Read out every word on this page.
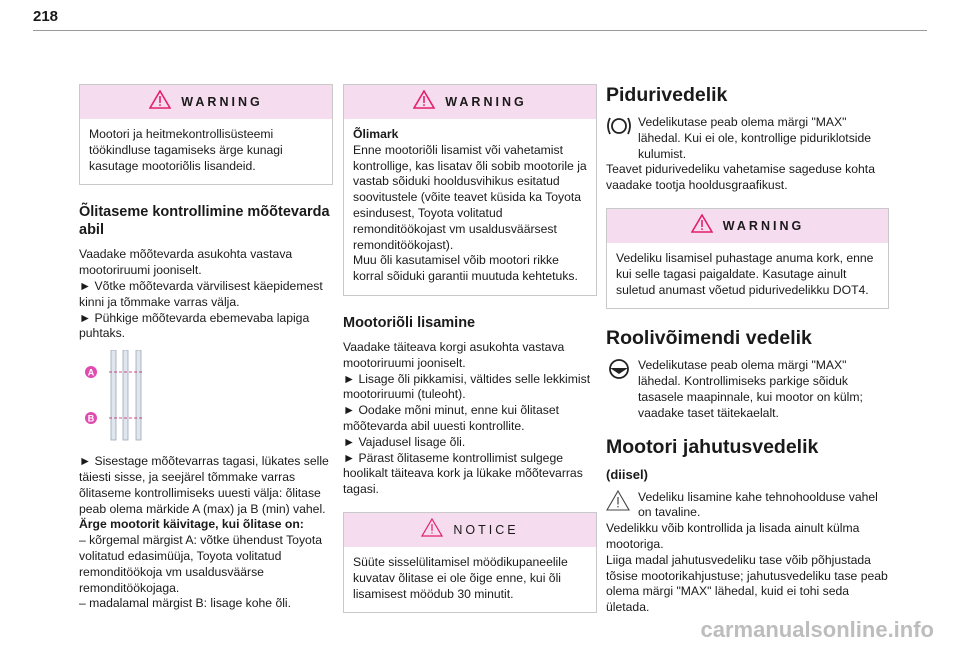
218
WARNING

Mootori ja heitmekontrollisüsteemi töökindluse tagamiseks ärge kunagi kasutage mootoriõlis lisandeid.

Õlitaseme kontrollimine mõõtevarda abil

Vaadake mõõtevarda asukohta vastava mootoriruumi jooniselt.

► Võtke mõõtevarda värvilisest käepidemest kinni ja tõmmake varras välja.

► Pühkige mõõtevarda ebemevaba lapiga puhtaks.

A
B

► Sisestage mõõtevarras tagasi, lükates selle täiesti sisse, ja seejärel tõmmake varras õlitaseme kontrollimiseks uuesti välja: õlitase peab olema märkide A (max) ja B (min) vahel.

Ärge mootorit käivitage, kui õlitase on:

– kõrgemal märgist A: võtke ühendust Toyota volitatud edasimüüja, Toyota volitatud remonditöökoja vm usaldusväärse remonditöökojaga.

– madalamal märgist B: lisage kohe õli.

WARNING

Õlimark

Enne mootoriõli lisamist või vahetamist kontrollige, kas lisatav õli sobib mootorile ja vastab sõiduki hooldusvihikus esitatud soovitustele (võite teavet küsida ka Toyota esindusest, Toyota volitatud remonditöökojast vm usaldusväärsest remonditöökojast).

Muu õli kasutamisel võib mootori rikke korral sõiduki garantii muutuda kehtetuks.

Mootoriõli lisamine

Vaadake täiteava korgi asukohta vastava mootoriruumi jooniselt.

► Lisage õli pikkamisi, vältides selle lekkimist mootoriruumi (tuleoht).

► Oodake mõni minut, enne kui õlitaset mõõtevarda abil uuesti kontrollite.

► Vajadusel lisage õli.

► Pärast õlitaseme kontrollimist sulgege hoolikalt täiteava kork ja lükake mõõtevarras tagasi.

NOTICE

Süüte sisselülitamisel möödikupaneelile kuvatav õlitase ei ole õige enne, kui õli lisamisest möödub 30 minutit.

Pidurivedelik

Vedelikutase peab olema märgi "MAX" lähedal. Kui ei ole, kontrollige piduriklotside kulumist.

Teavet pidurivedeliku vahetamise sageduse kohta vaadake tootja hooldusgraafikust.

WARNING

Vedeliku lisamisel puhastage anuma kork, enne kui selle tagasi paigaldate. Kasutage ainult suletud anumast võetud pidurivedelikku DOT4.

Roolivõimendi vedelik

Vedelikutase peab olema märgi "MAX" lähedal. Kontrollimiseks parkige sõiduk tasasele maapinnale, kui mootor on külm; vaadake taset täitekaelalt.

Mootori jahutusvedelik
(diisel)

Vedeliku lisamine kahe tehnohoolduse vahel on tavaline.

Vedelikku võib kontrollida ja lisada ainult külma mootoriga.

Liiga madal jahutusvedeliku tase võib põhjustada tõsise mootorikahjustuse; jahutusvedeliku tase peab olema märgi "MAX" lähedal, kuid ei tohi seda ületada.

carmanualsonline.info
